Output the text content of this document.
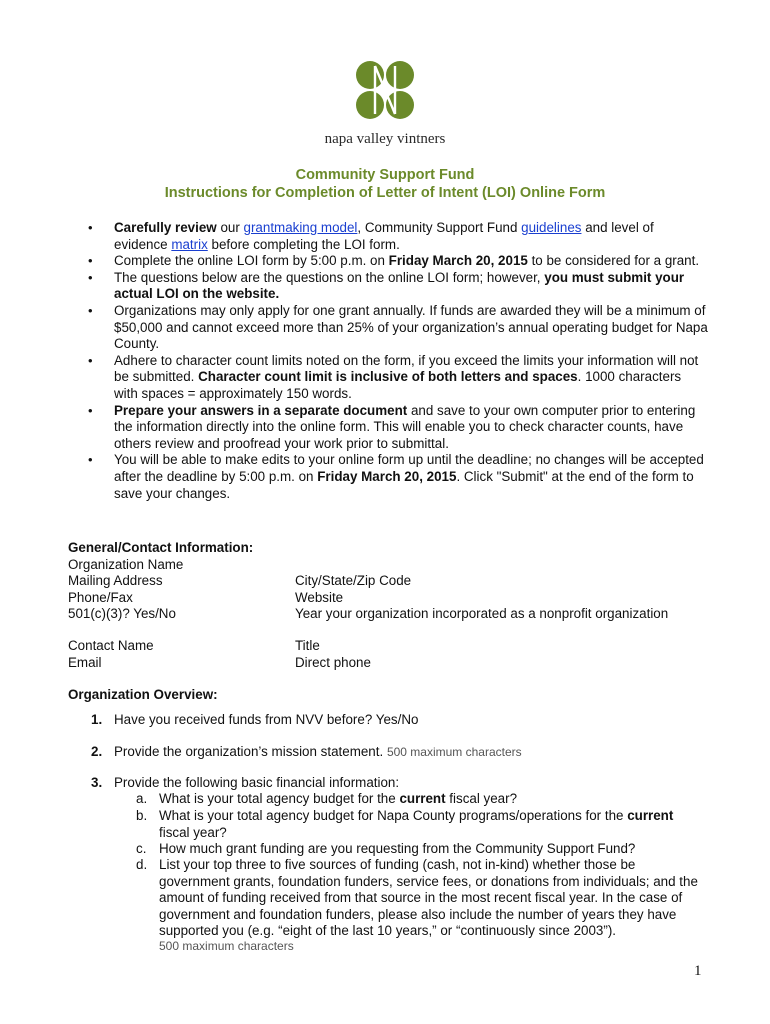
napa valley vintners
Community Support Fund
Instructions for Completion of Letter of Intent (LOI) Online Form
• Carefully review our grantmaking model, Community Support Fund guidelines and level of evidence matrix before completing the LOI form.
• Complete the online LOI form by 5:00 p.m. on Friday March 20, 2015 to be considered for a grant.
• The questions below are the questions on the online LOI form; however, you must submit your actual LOI on the website.
• Organizations may only apply for one grant annually. If funds are awarded they will be a minimum of $50,000 and cannot exceed more than 25% of your organization’s annual operating budget for Napa County.
• Adhere to character count limits noted on the form, if you exceed the limits your information will not be submitted. Character count limit is inclusive of both letters and spaces. 1000 characters with spaces = approximately 150 words.
• Prepare your answers in a separate document and save to your own computer prior to entering the information directly into the online form. This will enable you to check character counts, have others review and proofread your work prior to submittal.
• You will be able to make edits to your online form up until the deadline; no changes will be accepted after the deadline by 5:00 p.m. on Friday March 20, 2015. Click "Submit" at the end of the form to save your changes.
General/Contact Information:
Organization Name
Mailing Address
Phone/Fax
501(c)(3)? Yes/No
City/State/Zip Code
Website
Year your organization incorporated as a nonprofit organization
Contact Name
Email
Title
Direct phone
Organization Overview:
1. Have you received funds from NVV before? Yes/No
2. Provide the organization’s mission statement. 500 maximum characters
3. Provide the following basic financial information:
a. What is your total agency budget for the current fiscal year?
b. What is your total agency budget for Napa County programs/operations for the current fiscal year?
c. How much grant funding are you requesting from the Community Support Fund?
d. List your top three to five sources of funding (cash, not in-kind) whether those be government grants, foundation funders, service fees, or donations from individuals; and the amount of funding received from that source in the most recent fiscal year. In the case of government and foundation funders, please also include the number of years they have supported you (e.g. “eight of the last 10 years,” or “continuously since 2003”).
500 maximum characters
1
